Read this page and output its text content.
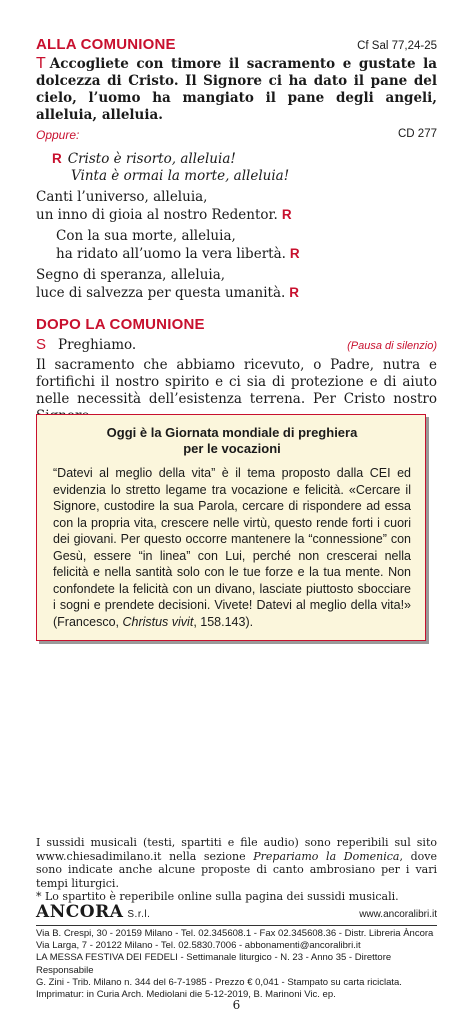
ALLA COMUNIONE	Cf Sal 77,24-25

T Accogliete con timore il sacramento e gustate la dolcezza di Cristo. Il Signore ci ha dato il pane del cielo, l’uomo ha mangiato il pane degli angeli, alleluia, alleluia.

Oppure:	CD 277
R Cristo è risorto, alleluia!
Vinta è ormai la morte, alleluia!
Canti l’universo, alleluia,
un inno di gioia al nostro Redentor. R
Con la sua morte, alleluia,
ha ridato all’uomo la vera libertà. R
Segno di speranza, alleluia,
luce di salvezza per questa umanità. R
DOPO LA COMUNIONE
S Preghiamo.	(Pausa di silenzio)
Il sacramento che abbiamo ricevuto, o Padre, nutra e fortifichi il nostro spirito e ci sia di protezione e di aiuto nelle necessità dell’esistenza terrena. Per Cristo nostro
Oggi è la Giornata mondiale di preghiera
per le vocazioni
“Datevi al meglio della vita” è il tema proposto dalla CEI ed evidenzia lo stretto legame tra vocazione e felicità. «Cercare il Signore, custodire la sua Parola, cercare di rispondere ad essa con la propria vita, crescere nelle virtù, questo rende forti i cuori dei giovani. Per questo occorre mantenere la “connessione” con Gesù, essere “in linea” con Lui, perché non crescerai nella felicità e nella santità solo con le tue forze e la tua mente. Non confondete la felicità con un divano, lasciate piuttosto sbocciare i sogni e prendete decisioni. Vivete! Datevi al meglio della vita!» (Francesco, Christus vivit, 158.143).
I sussidi musicali (testi, spartiti e file audio) sono reperibili sul sito www.chiesadimilano.it nella sezione Prepariamo la Domenica, dove sono indicate anche alcune proposte di canto ambrosiano per i vari tempi liturgici.
* Lo spartito è reperibile online sulla pagina dei sussidi musicali.
ANCORA S.r.l.	www.ancoralibri.it
Via B. Crespi, 30 - 20159 Milano - Tel. 02.345608.1 - Fax 02.345608.36 - Distr. Libreria Àncora
Via Larga, 7 - 20122 Milano - Tel. 02.5830.7006 - abbonamenti@ancoralibri.it
LA MESSA FESTIVA DEI FEDELI - Settimanale liturgico - N. 23 - Anno 35 - Direttore Responsabile
G. Zini - Trib. Milano n. 344 del 6-7-1985 - Prezzo € 0,041 - Stampato su carta riciclata.
Imprimatur: in Curia Arch. Mediolani die 5-12-2019, B. Marinoni Vic. ep.
6
